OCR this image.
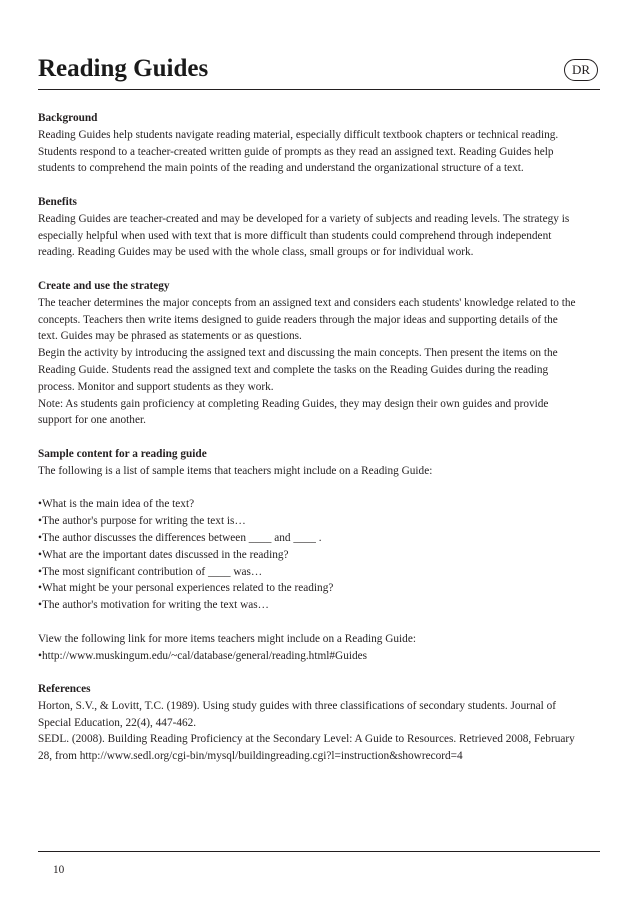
Reading Guides	DR
Background

Reading Guides help students navigate reading material, especially difficult textbook chapters or technical reading.

Students respond to a teacher-created written guide of prompts as they read an assigned text. Reading Guides help

students to comprehend the main points of the reading and understand the organizational structure of a text.

Benefits

Reading Guides are teacher-created and may be developed for a variety of subjects and reading levels. The strategy is

especially helpful when used with text that is more difficult than students could comprehend through independent

reading. Reading Guides may be used with the whole class, small groups or for individual work.

Create and use the strategy

The teacher determines the major concepts from an assigned text and considers each students' knowledge related to the

concepts. Teachers then write items designed to guide readers through the major ideas and supporting details of the

text. Guides may be phrased as statements or as questions.

Begin the activity by introducing the assigned text and discussing the main concepts. Then present the items on the

Reading Guide. Students read the assigned text and complete the tasks on the Reading Guides during the reading

process. Monitor and support students as they work.

Note: As students gain proficiency at completing Reading Guides, they may design their own guides and provide

support for one another.

Sample content for a reading guide

The following is a list of sample items that teachers might include on a Reading Guide:

• What is the main idea of the text?
• The author's purpose for writing the text is…
• The author discusses the differences between ____ and ____ .
• What are the important dates discussed in the reading?
• The most significant contribution of ____ was…
• What might be your personal experiences related to the reading?
• The author's motivation for writing the text was…

View the following link for more items teachers might include on a Reading Guide:

• http://www.muskingum.edu/~cal/database/general/reading.html#Guides
References

Horton, S.V., & Lovitt, T.C. (1989). Using study guides with three classifications of secondary students. Journal of

Special Education, 22(4), 447-462.

SEDL. (2008). Building Reading Proficiency at the Secondary Level: A Guide to Resources. Retrieved 2008, February

28, from http://www.sedl.org/cgi-bin/mysql/buildingreading.cgi?l=instruction&showrecord=4

10
